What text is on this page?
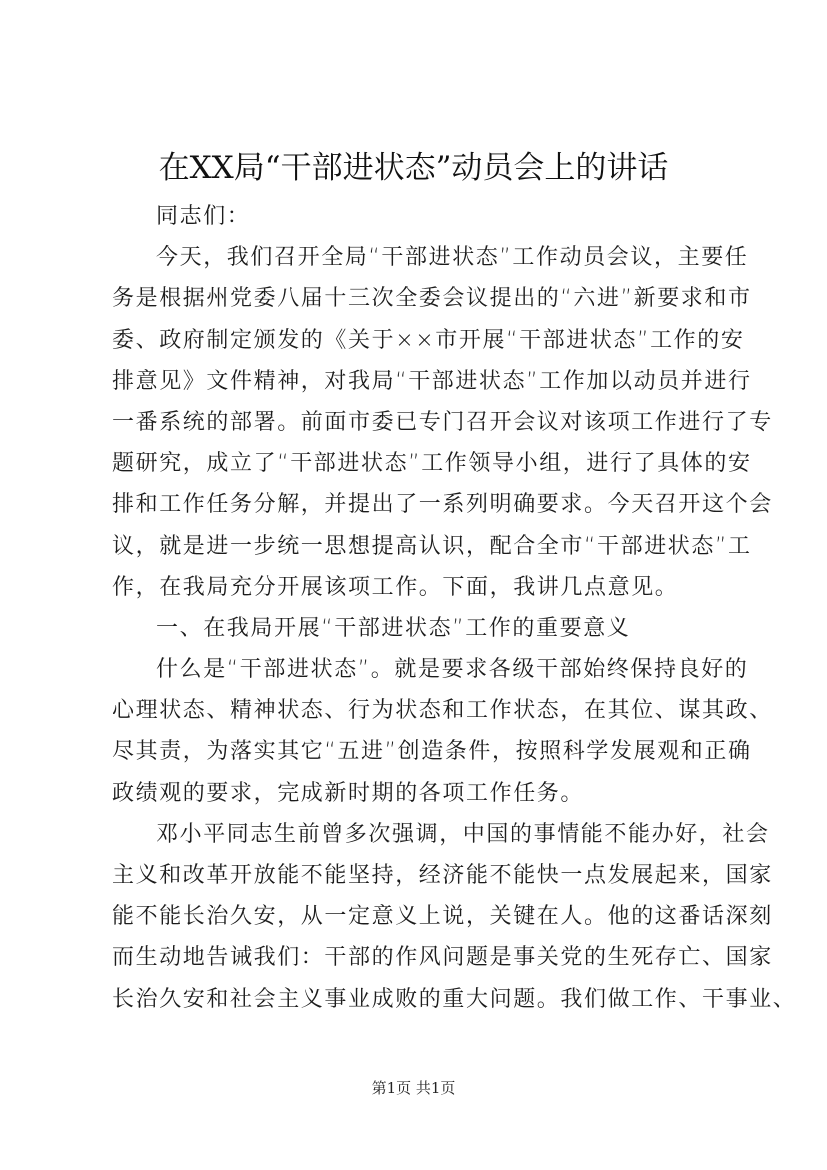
在XX局“干部进状态”动员会上的讲话
同志们：
今天，我们召开全局“干部进状态”工作动员会议，主要任
务是根据州党委八届十三次全委会议提出的“六进”新要求和市
委、政府制定颁发的《关于××市开展“干部进状态”工作的安
排意见》文件精神，对我局“干部进状态”工作加以动员并进行
一番系统的部署。前面市委已专门召开会议对该项工作进行了专
题研究，成立了“干部进状态”工作领导小组，进行了具体的安
排和工作任务分解，并提出了一系列明确要求。今天召开这个会
议，就是进一步统一思想提高认识，配合全市“干部进状态”工
作，在我局充分开展该项工作。下面，我讲几点意见。
一、在我局开展“干部进状态”工作的重要意义
什么是“干部进状态”。就是要求各级干部始终保持良好的
心理状态、精神状态、行为状态和工作状态，在其位、谋其政、
尽其责，为落实其它“五进”创造条件，按照科学发展观和正确
政绩观的要求，完成新时期的各项工作任务。
邓小平同志生前曾多次强调，中国的事情能不能办好，社会
主义和改革开放能不能坚持，经济能不能快一点发展起来，国家
能不能长治久安，从一定意义上说，关键在人。他的这番话深刻
而生动地告诫我们：干部的作风问题是事关党的生死存亡、国家
长治久安和社会主义事业成败的重大问题。我们做工作、干事业、
第1页 共1页
